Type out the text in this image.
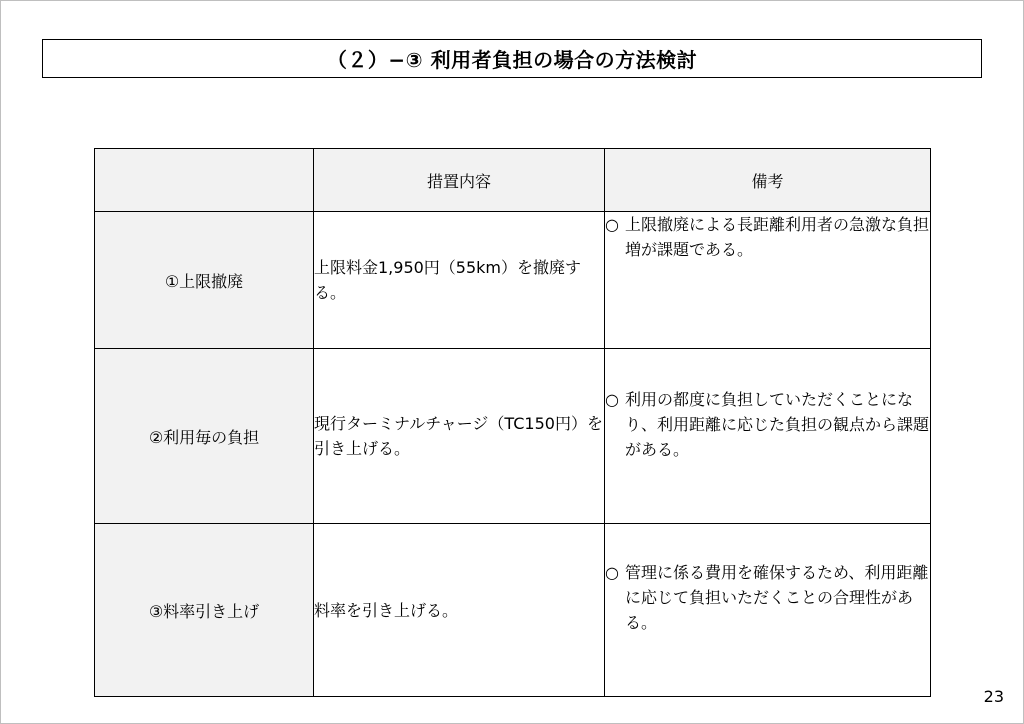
（２）−③ 利用者負担の場合の方法検討
	措置内容	備考
①上限撤廃	上限料金1,950円（55km）を撤廃する。	○ 上限撤廃による長距離利用者の急激な負担増が課題である。

②利用毎の負担	現行ターミナルチャージ（TC150円）を引き上げる。	○ 利用の都度に負担していただくことになり、利用距離に応じた負担の観点から課題がある。

③料率引き上げ	料率を引き上げる。	○ 管理に係る費用を確保するため、利用距離に応じて負担いただくことの合理性がある。
23
